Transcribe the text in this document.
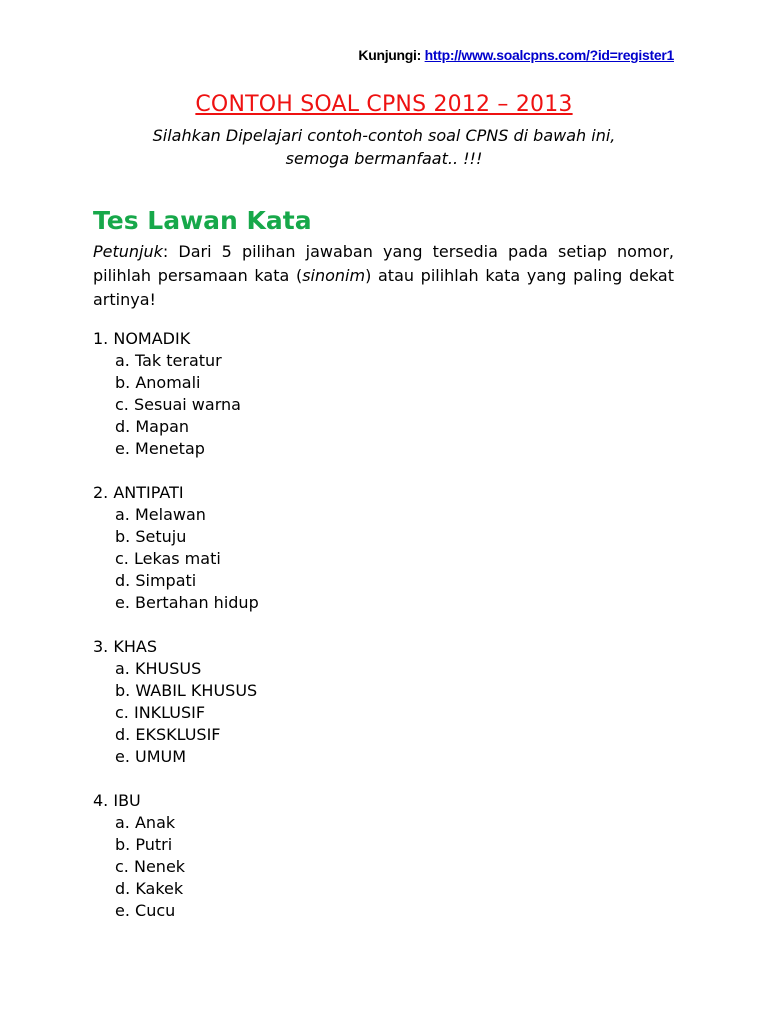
Kunjungi: http://www.soalcpns.com/?id=register1
CONTOH SOAL CPNS 2012 – 2013
Silahkan Dipelajari contoh-contoh soal CPNS di bawah ini,
semoga bermanfaat.. !!!
Tes Lawan Kata
Petunjuk: Dari 5 pilihan jawaban yang tersedia pada setiap nomor, pilihlah persamaan kata (sinonim) atau pilihlah kata yang paling dekat artinya!
1. NOMADIK
a. Tak teratur
b. Anomali
c. Sesuai warna
d. Mapan
e. Menetap
2. ANTIPATI
a. Melawan
b. Setuju
c. Lekas mati
d. Simpati
e. Bertahan hidup
3. KHAS
a. KHUSUS
b. WABIL KHUSUS
c. INKLUSIF
d. EKSKLUSIF
e. UMUM
4. IBU
a. Anak
b. Putri
c. Nenek
d. Kakek
e. Cucu
